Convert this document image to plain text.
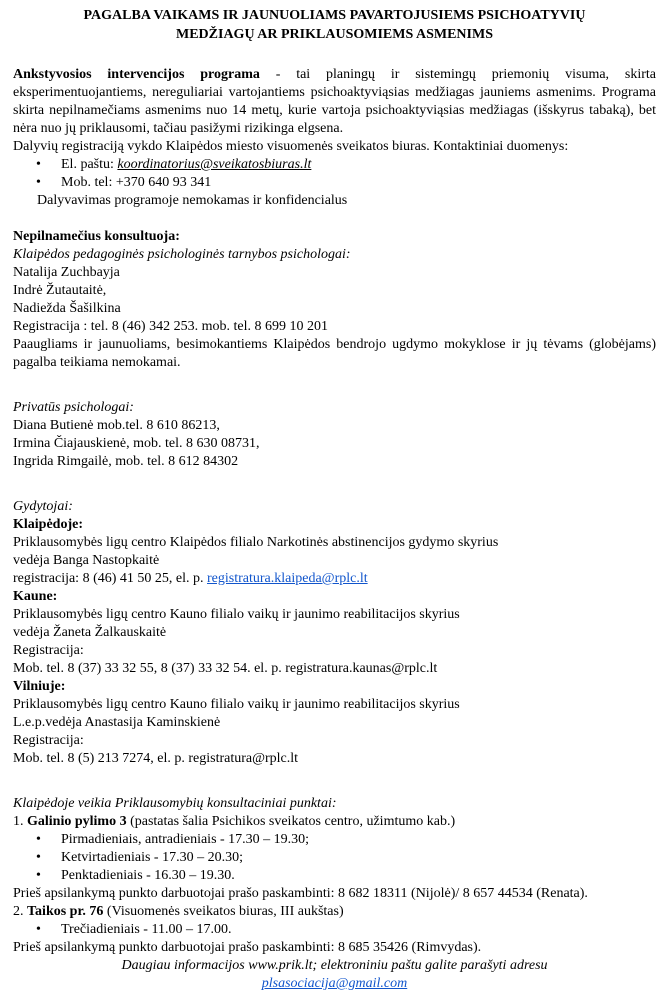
PAGALBA VAIKAMS IR JAUNUOLIAMS PAVARTOJUSIEMS PSICHOATYVIŲ
MEDŽIAGŲ AR PRIKLAUSOMIEMS ASMENIMS

Ankstyvosios intervencijos programa - tai planingų ir sistemingų priemonių visuma, skirta eksperimentuojantiems, nereguliariai vartojantiems psichoaktyviąsias medžiagas jauniems asmenims. Programa skirta nepilnamečiams asmenims nuo 14 metų, kurie vartoja psichoaktyviąsias medžiagas (išskyrus tabaką), bet nėra nuo jų priklausomi, tačiau pasižymi rizikinga elgsena.

Dalyvių registraciją vykdo Klaipėdos miesto visuomenės sveikatos biuras. Kontaktiniai duomenys:

• El. paštu: koordinatorius@sveikatosbiuras.lt
• Mob. tel: +370 640 93 341

Dalyvavimas programoje nemokamas ir konfidencialus

Nepilnamečius konsultuoja:

Klaipėdos pedagoginės psichologinės tarnybos psichologai:

Natalija Zuchbayja

Indrė Žutautaitė,

Nadiežda Šašilkina

Registracija : tel. 8 (46) 342 253. mob. tel. 8 699 10 201

Paaugliams ir jaunuoliams, besimokantiems Klaipėdos bendrojo ugdymo mokyklose ir jų tėvams (globėjams) pagalba teikiama nemokamai.

Privatūs psichologai:

Diana Butienė mob.tel. 8 610 86213,

Irmina Čiajauskienė, mob. tel. 8 630 08731,

Ingrida Rimgailė, mob. tel. 8 612 84302

Gydytojai:

Klaipėdoje:

Priklausomybės ligų centro Klaipėdos filialo Narkotinės abstinencijos gydymo skyrius

vedėja Banga Nastopkaitė

registracija: 8 (46) 41 50 25, el. p. registratura.klaipeda@rplc.lt

Kaune:

Priklausomybės ligų centro Kauno filialo vaikų ir jaunimo reabilitacijos skyrius

vedėja Žaneta Žalkauskaitė

Registracija:

Mob. tel. 8 (37) 33 32 55, 8 (37) 33 32 54. el. p. registratura.kaunas@rplc.lt

Vilniuje:

Priklausomybės ligų centro Kauno filialo vaikų ir jaunimo reabilitacijos skyrius

L.e.p.vedėja Anastasija Kaminskienė

Registracija:

Mob. tel. 8 (5) 213 7274, el. p. registratura@rplc.lt

Klaipėdoje veikia Priklausomybių konsultaciniai punktai:

1. Galinio pylimo 3 (pastatas šalia Psichikos sveikatos centro, užimtumo kab.)

• Pirmadieniais, antradieniais - 17.30 – 19.30;
• Ketvirtadieniais - 17.30 – 20.30;
• Penktadieniais - 16.30 – 19.30.

Prieš apsilankymą punkto darbuotojai prašo paskambinti: 8 682 18311 (Nijolė)/ 8 657 44534 (Renata).

2. Taikos pr. 76 (Visuomenės sveikatos biuras, III aukštas)

• Trečiadieniais - 11.00 – 17.00.

Prieš apsilankymą punkto darbuotojai prašo paskambinti: 8 685 35426 (Rimvydas).

Daugiau informacijos www.prik.lt; elektroniniu paštu galite parašyti adresu

plsasociacija@gmail.com
